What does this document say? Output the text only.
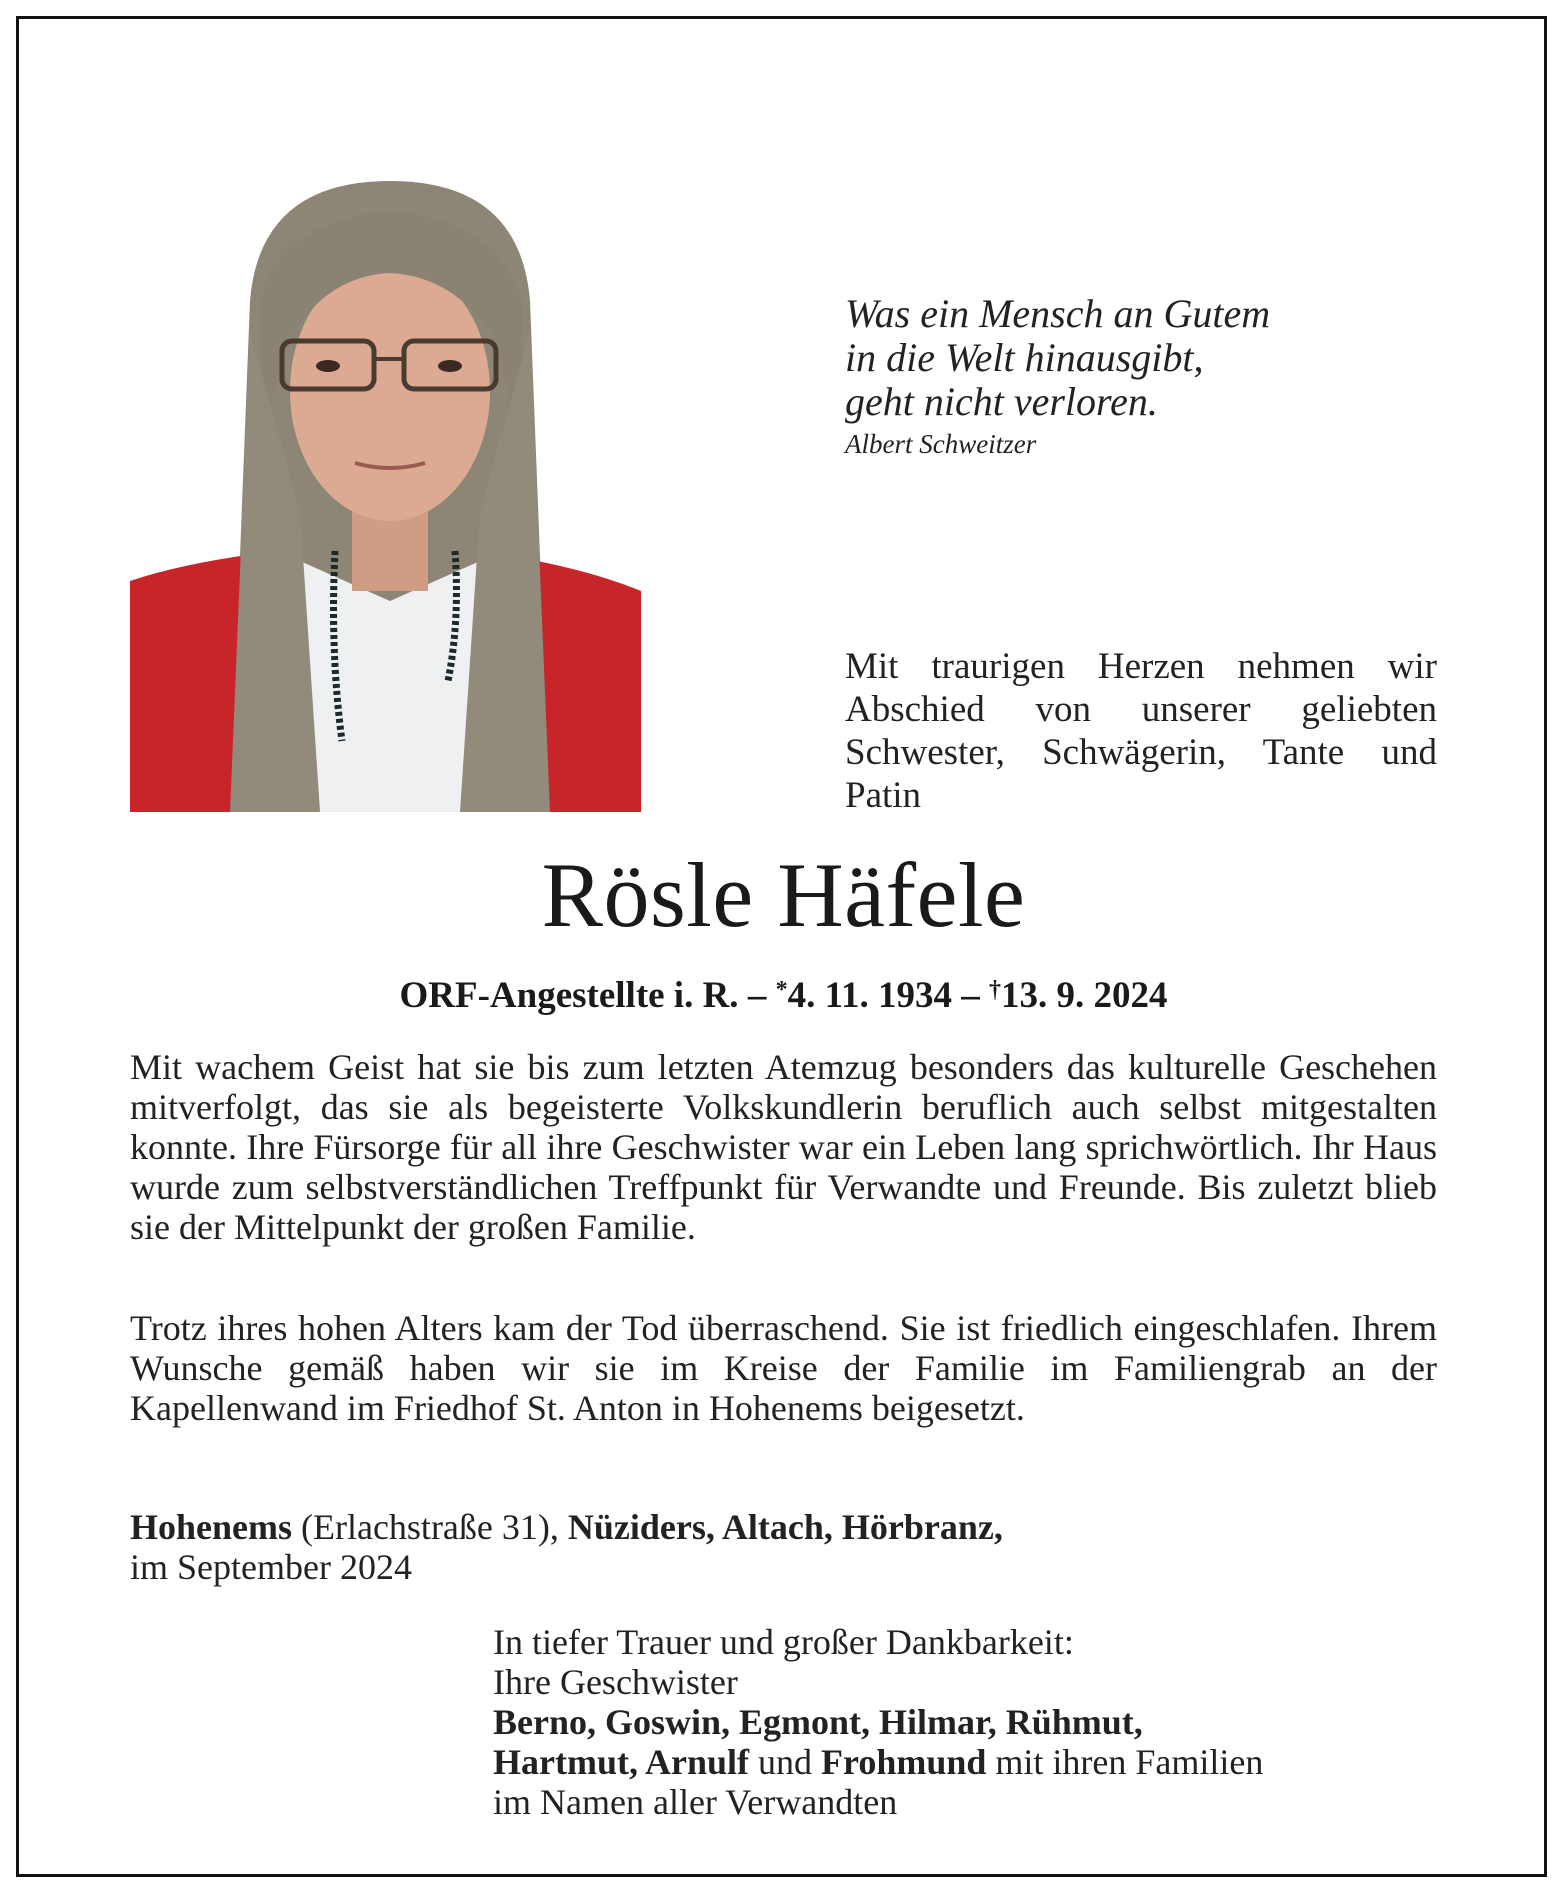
Was ein Mensch an Gutem
in die Welt hinausgibt,
geht nicht verloren.
Albert Schweitzer
Mit traurigen Herzen nehmen wir Abschied von unserer geliebten Schwester, Schwägerin, Tante und Patin
Rösle Häfele
ORF-Angestellte i. R. – *4. 11. 1934 – †13. 9. 2024
Mit wachem Geist hat sie bis zum letzten Atemzug besonders das kulturelle Geschehen mitverfolgt, das sie als begeisterte Volkskundlerin beruflich auch selbst mitgestalten konnte. Ihre Fürsorge für all ihre Geschwister war ein Leben lang sprichwörtlich. Ihr Haus wurde zum selbstverständlichen Treffpunkt für Verwandte und Freunde. Bis zuletzt blieb sie der Mittelpunkt der großen Familie.
Trotz ihres hohen Alters kam der Tod überraschend. Sie ist friedlich eingeschlafen. Ihrem Wunsche gemäß haben wir sie im Kreise der Familie im Familiengrab an der Kapellenwand im Friedhof St. Anton in Hohenems beigesetzt.
Hohenems (Erlachstraße 31), Nüziders, Altach, Hörbranz,
im September 2024
In tiefer Trauer und großer Dankbarkeit:
Ihre Geschwister
Berno, Goswin, Egmont, Hilmar, Rühmut,
Hartmut, Arnulf und Frohmund mit ihren Familien
im Namen aller Verwandten
